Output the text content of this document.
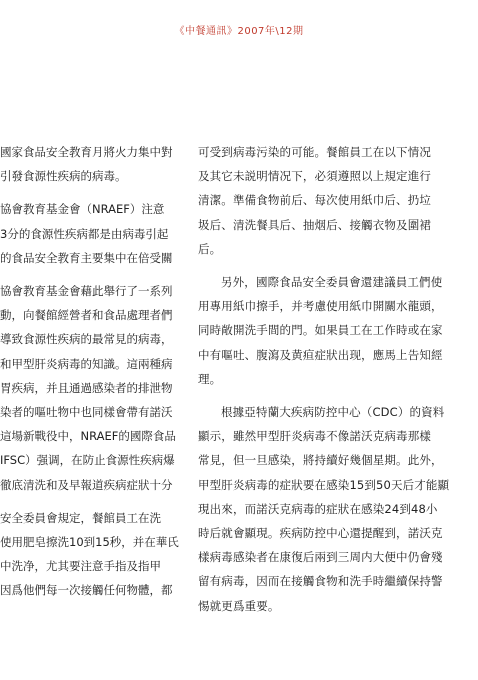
《中餐通訊》2007年\12期
國家食品安全教育月將火力集中對
引發食源性疾病的病毒。
協會教育基金會（NRAEF）注意
3分的食源性疾病都是由病毒引起
的食品安全教育主要集中在倍受關
協會教育基金會藉此舉行了一系列
動，向餐館經營者和食品處理者們
導致食源性疾病的最常見的病毒，
和甲型肝炎病毒的知識。這兩種病
胃疾病，并且通過感染者的排泄物
染者的嘔吐物中也同樣會帶有諾沃
這場新戰役中，NRAEF的國際食品
IFSC）强调，在防止食源性疾病爆
徹底清洗和及早報道疾病症狀十分
安全委員會規定，餐館員工在洗
使用肥皂擦洗10到15秒，并在華氏
中洗净，尤其要注意手指及指甲
因爲他們每一次接觸任何物體，都
可受到病毒污染的可能。餐館員工在以下情况
及其它未説明情况下，必須遵照以上規定進行
清潔。準備食物前后、每次使用紙巾后、扔垃
圾后、清洗餐具后、抽烟后、接觸衣物及圍裙
后。
另外，國際食品安全委員會還建議員工們使
用專用紙巾擦手，并考慮使用紙巾開關水龍頭，
同時敞開洗手間的門。如果員工在工作時或在家
中有嘔吐、腹瀉及黄疸症狀出现，應馬上告知經
理。
根據亞特蘭大疾病防控中心（CDC）的資料
顯示，雖然甲型肝炎病毒不像諾沃克病毒那樣
常見，但一旦感染，將持續好幾個星期。此外，
甲型肝炎病毒的症狀要在感染15到50天后才能顯
現出來，而諾沃克病毒的症狀在感染24到48小
時后就會顯現。疾病防控中心還提醒到，諾沃克
樣病毒感染者在康復后兩到三周内大便中仍會殘
留有病毒，因而在接觸食物和洗手時繼續保持警
惕就更爲重要。
